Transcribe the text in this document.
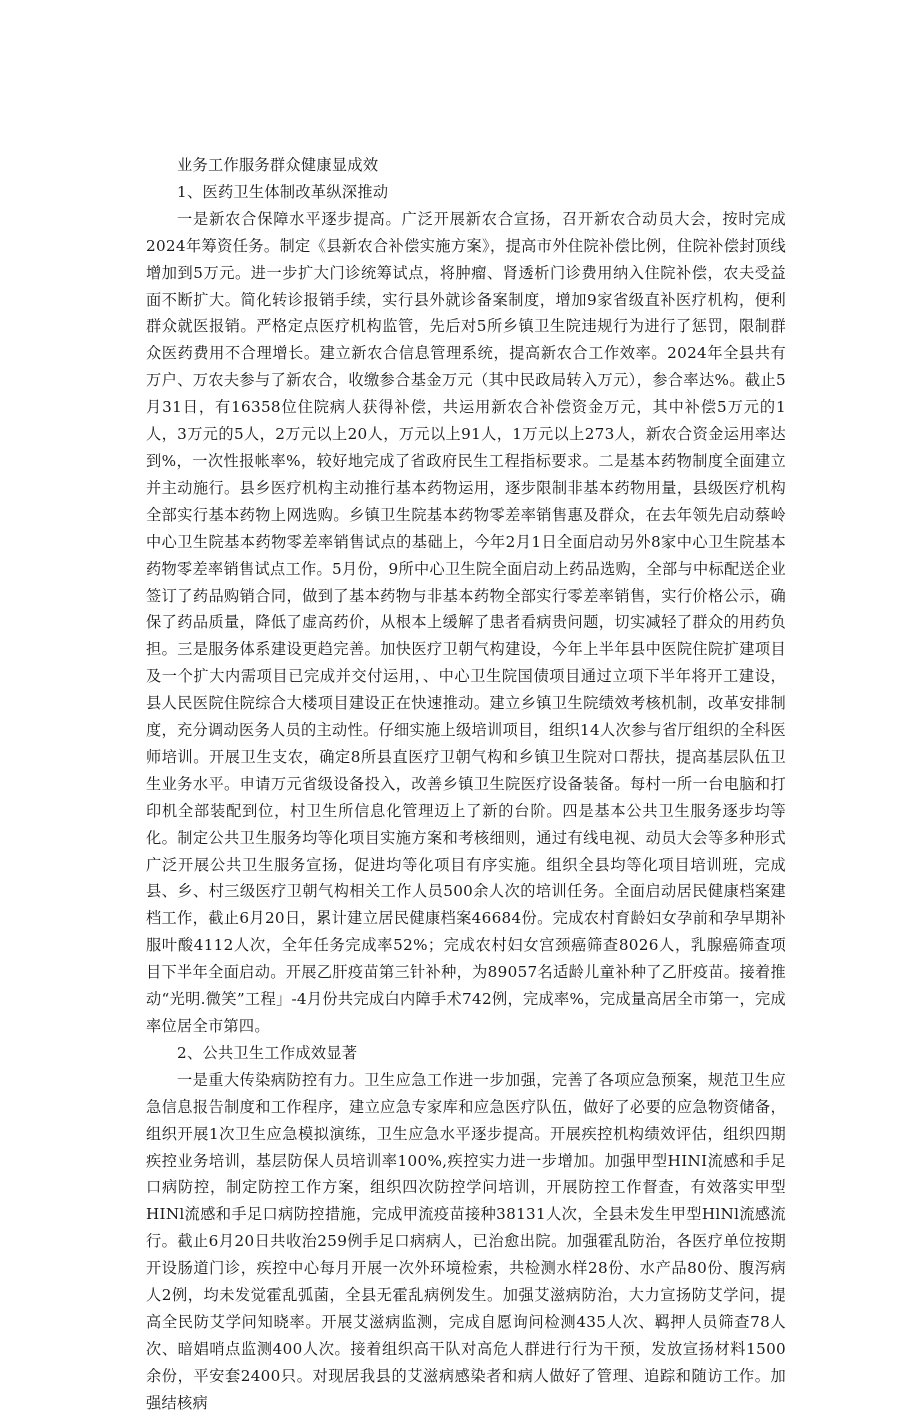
业务工作服务群众健康显成效
1、医药卫生体制改革纵深推动

一是新农合保障水平逐步提高。广泛开展新农合宣扬，召开新农合动员大会，按时完成2024年筹资任务。制定《县新农合补偿实施方案》，提高市外住院补偿比例，住院补偿封顶线增加到5万元。进一步扩大门诊统筹试点，将肿瘤、肾透析门诊费用纳入住院补偿，农夫受益面不断扩大。简化转诊报销手续，实行县外就诊备案制度，增加9家省级直补医疗机构，便利群众就医报销。严格定点医疗机构监管，先后对5所乡镇卫生院违规行为进行了惩罚，限制群众医药费用不合理增长。建立新农合信息管理系统，提高新农合工作效率。2024年全县共有万户、万农夫参与了新农合，收缴参合基金万元（其中民政局转入万元），参合率达%。截止5月31日，有16358位住院病人获得补偿，共运用新农合补偿资金万元，其中补偿5万元的1人，3万元的5人，2万元以上20人，万元以上91人，1万元以上273人，新农合资金运用率达到%，一次性报帐率%，较好地完成了省政府民生工程指标要求。二是基本药物制度全面建立并主动施行。县乡医疗机构主动推行基本药物运用，逐步限制非基本药物用量，县级医疗机构全部实行基本药物上网选购。乡镇卫生院基本药物零差率销售惠及群众，在去年领先启动蔡岭中心卫生院基本药物零差率销售试点的基础上，今年2月1日全面启动另外8家中心卫生院基本药物零差率销售试点工作。5月份，9所中心卫生院全面启动上药品选购，全部与中标配送企业签订了药品购销合同，做到了基本药物与非基本药物全部实行零差率销售，实行价格公示，确保了药品质量，降低了虚高药价，从根本上缓解了患者看病贵问题，切实减轻了群众的用药负担。三是服务体系建设更趋完善。加快医疗卫朝气构建设，今年上半年县中医院住院扩建项目及一个扩大内需项目已完成并交付运用，、中心卫生院国债项目通过立项下半年将开工建设，县人民医院住院综合大楼项目建设正在快速推动。建立乡镇卫生院绩效考核机制，改革安排制度，充分调动医务人员的主动性。仔细实施上级培训项目，组织14人次参与省厅组织的全科医师培训。开展卫生支农，确定8所县直医疗卫朝气构和乡镇卫生院对口帮扶，提高基层队伍卫生业务水平。申请万元省级设备投入，改善乡镇卫生院医疗设备装备。每村一所一台电脑和打印机全部装配到位，村卫生所信息化管理迈上了新的台阶。四是基本公共卫生服务逐步均等化。制定公共卫生服务均等化项目实施方案和考核细则，通过有线电视、动员大会等多种形式广泛开展公共卫生服务宣扬，促进均等化项目有序实施。组织全县均等化项目培训班，完成县、乡、村三级医疗卫朝气构相关工作人员500余人次的培训任务。全面启动居民健康档案建档工作，截止6月20日，累计建立居民健康档案46684份。完成农村育龄妇女孕前和孕早期补服叶酸4112人次，全年任务完成率52%；完成农村妇女宫颈癌筛查8026人，乳腺癌筛查项目下半年全面启动。开展乙肝疫苗第三针补种，为89057名适龄儿童补种了乙肝疫苗。接着推动“光明.微笑”工程」-4月份共完成白内障手术742例，完成率%，完成量高居全市第一，完成率位居全市第四。

2、公共卫生工作成效显著

一是重大传染病防控有力。卫生应急工作进一步加强，完善了各项应急预案，规范卫生应急信息报告制度和工作程序，建立应急专家库和应急医疗队伍，做好了必要的应急物资储备，组织开展1次卫生应急模拟演练，卫生应急水平逐步提高。开展疾控机构绩效评估，组织四期疾控业务培训，基层防保人员培训率100%,疾控实力进一步增加。加强甲型HINI流感和手足口病防控，制定防控工作方案，组织四次防控学问培训，开展防控工作督查，有效落实甲型HINl流感和手足口病防控措施，完成甲流疫苗接种38131人次，全县未发生甲型HlNl流感流行。截止6月20日共收治259例手足口病病人，已治愈出院。加强霍乱防治，各医疗单位按期开设肠道门诊，疾控中心每月开展一次外环境检索，共检测水样28份、水产品80份、腹泻病人2例，均未发觉霍乱弧菌，全县无霍乱病例发生。加强艾滋病防治，大力宣扬防艾学问，提高全民防艾学问知晓率。开展艾滋病监测，完成自愿询问检测435人次、羁押人员筛查78人次、暗娼哨点监测400人次。接着组织高干队对高危人群进行行为干预，发放宣扬材料1500余份，平安套2400只。对现居我县的艾滋病感染者和病人做好了管理、追踪和随访工作。加强结核病
